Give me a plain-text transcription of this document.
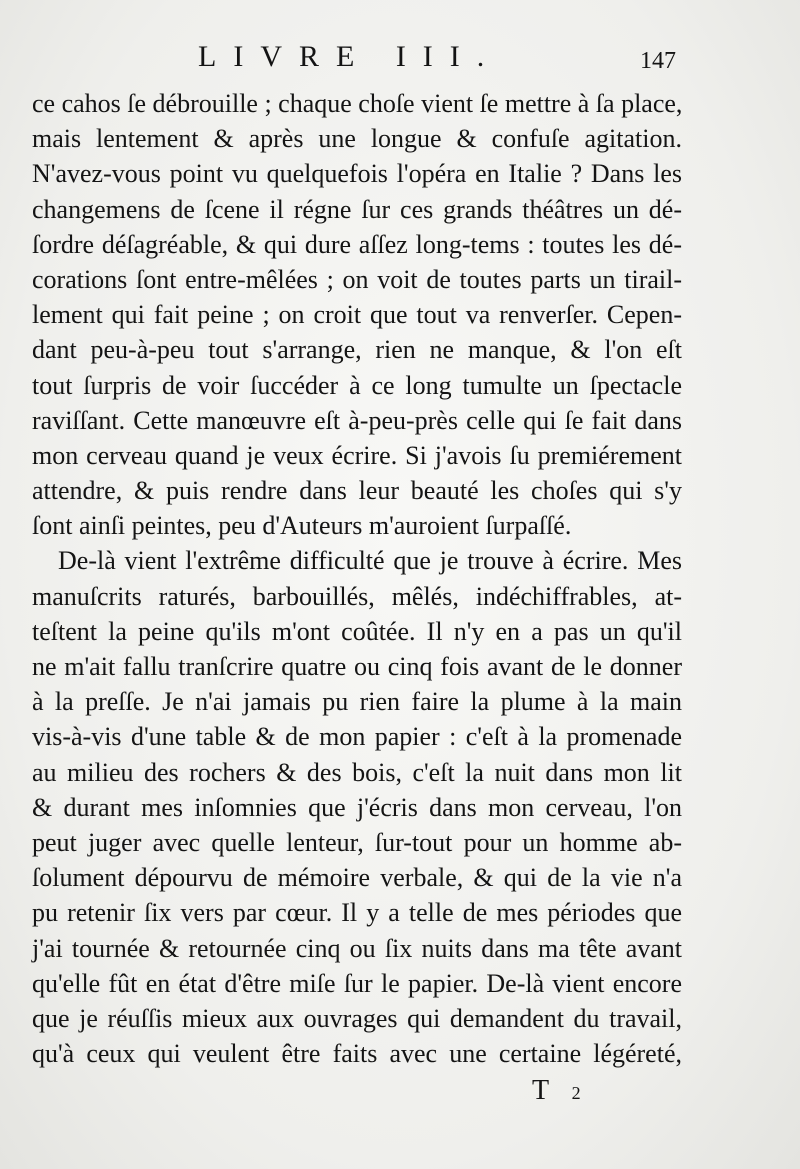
LIVRE III.	147
ce cahos ſe débrouille ; chaque choſe vient ſe mettre à ſa place,
mais lentement & après une longue & confuſe agitation.
N'avez-vous point vu quelquefois l'opéra en Italie ? Dans les
changemens de ſcene il régne ſur ces grands théâtres un dé-
ſordre déſagréable, & qui dure aſſez long-tems : toutes les dé-
corations ſont entre-mêlées ; on voit de toutes parts un tirail-
lement qui fait peine ; on croit que tout va renverſer. Cepen-
dant peu-à-peu tout s'arrange, rien ne manque, & l'on eſt
tout ſurpris de voir ſuccéder à ce long tumulte un ſpectacle
raviſſant. Cette manœuvre eſt à-peu-près celle qui ſe fait dans
mon cerveau quand je veux écrire. Si j'avois ſu premiérement
attendre, & puis rendre dans leur beauté les choſes qui s'y
ſont ainſi peintes, peu d'Auteurs m'auroient ſurpaſſé.
De-là vient l'extrême difficulté que je trouve à écrire. Mes
manuſcrits raturés, barbouillés, mêlés, indéchiffrables, at-
teſtent la peine qu'ils m'ont coûtée. Il n'y en a pas un qu'il
ne m'ait fallu tranſcrire quatre ou cinq fois avant de le donner
à la preſſe. Je n'ai jamais pu rien faire la plume à la main
vis-à-vis d'une table & de mon papier : c'eſt à la promenade
au milieu des rochers & des bois, c'eſt la nuit dans mon lit
& durant mes inſomnies que j'écris dans mon cerveau, l'on
peut juger avec quelle lenteur, ſur-tout pour un homme ab-
ſolument dépourvu de mémoire verbale, & qui de la vie n'a
pu retenir ſix vers par cœur. Il y a telle de mes périodes que
j'ai tournée & retournée cinq ou ſix nuits dans ma tête avant
qu'elle fût en état d'être miſe ſur le papier. De-là vient encore
que je réuſſis mieux aux ouvrages qui demandent du travail,
qu'à ceux qui veulent être faits avec une certaine légéreté,
T 2
